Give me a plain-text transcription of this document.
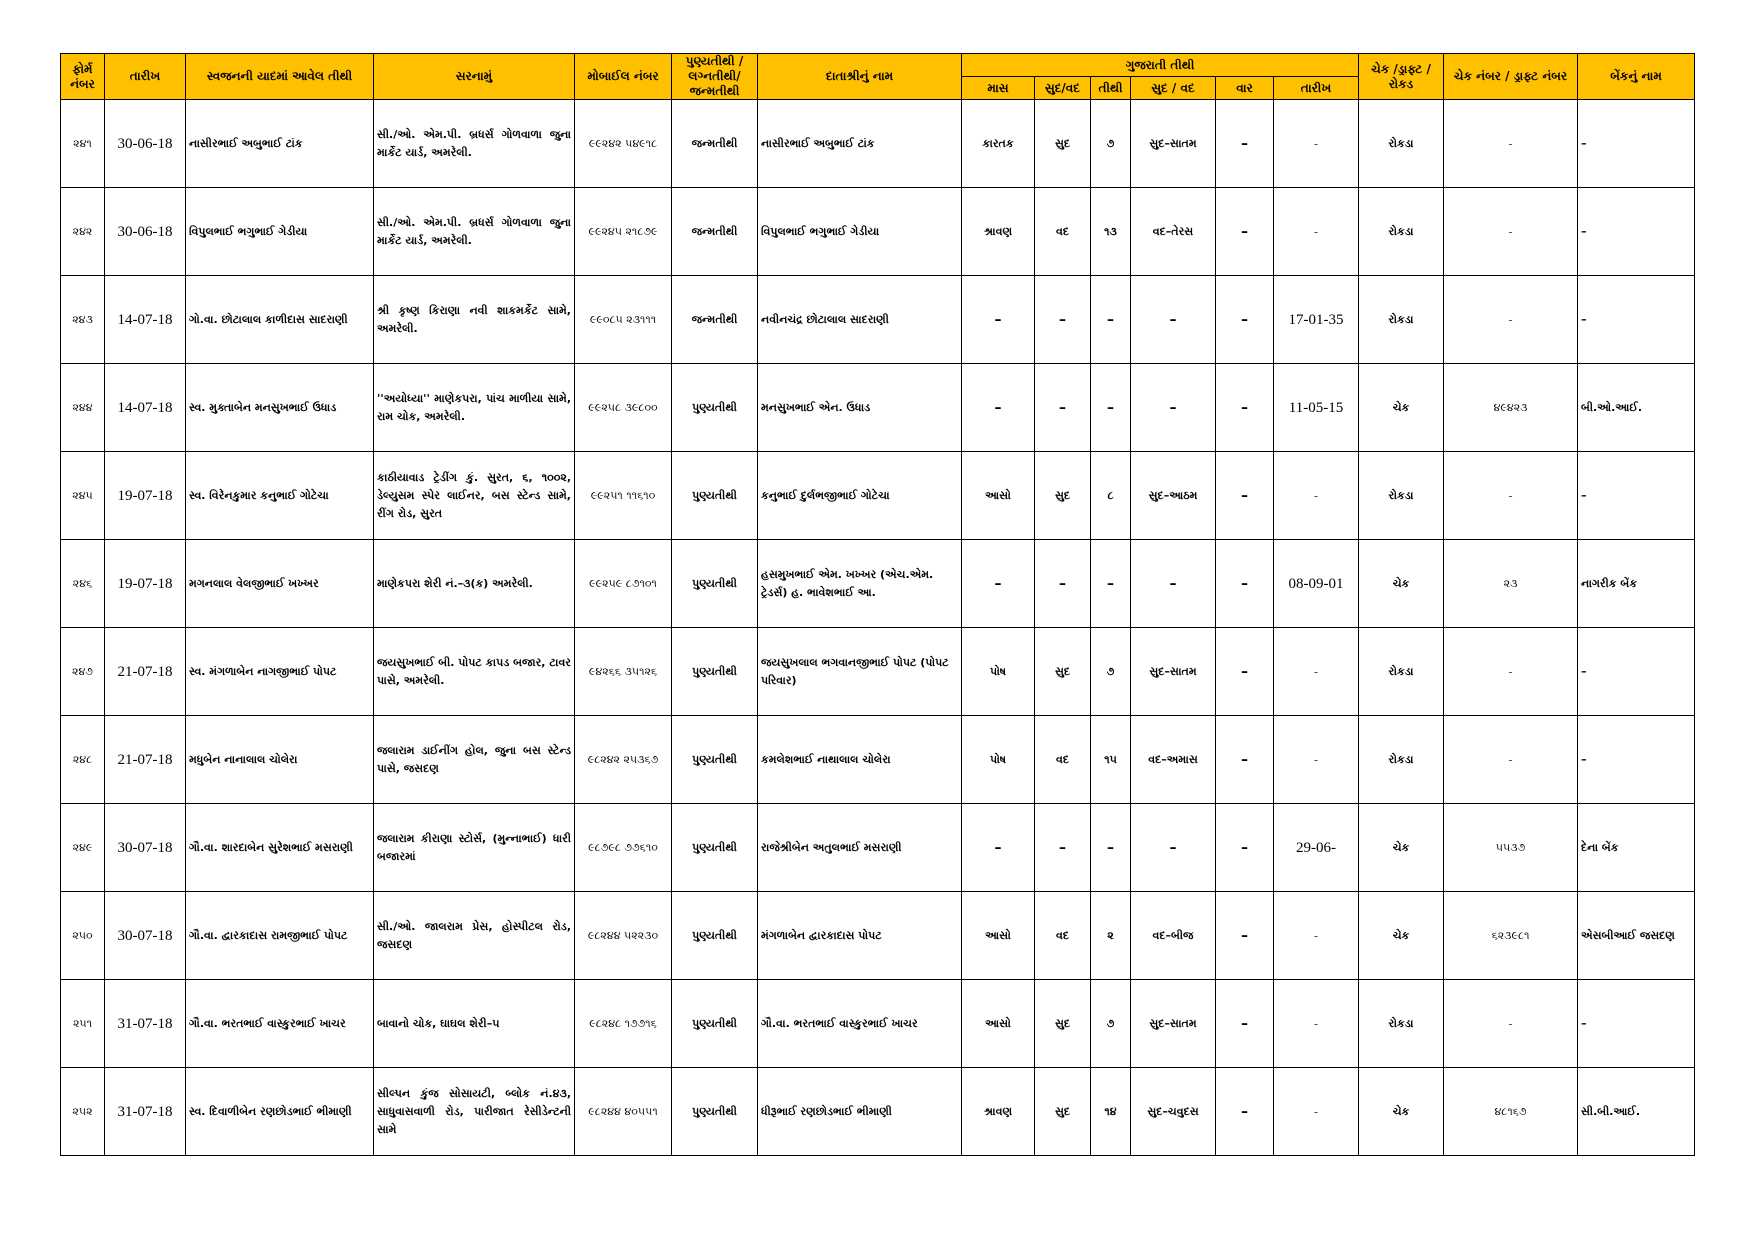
ફોર્મ નંબર	તારીખ	સ્વજનની યાદમાં આવેલ તીથી	સરનામું	મોબાઈલ નંબર	પુણ્યતીથી / લગ્નતીથી/ જન્મતીથી	દાતાશ્રીનું નામ	ગુજરાતી તીથી						ચેક /ડ્રાફ્ટ / રોકડ	ચેક નંબર / ડ્રાફ્ટ નંબર	બેંકનું નામ
							માસ	સુદ/વદ	તીથી	સુદ / વદ	વાર	તારીખ			
૨૪૧	30-06-18	નાસીરભાઈ અબુભાઈ ટાંક	સી./ઓ. એમ.પી. બ્રધર્સ ગોળવાળા જુના માર્કેટ યાર્ડ, અમરેલી.	૯૯૨૪૨ ૫૪૯૧૮	જન્મતીથી	નાસીરભાઈ અબુભાઈ ટાંક	કારતક	સુદ	૭	સુદ–સાતમ	–	-	રોકડા	-	–
૨૪૨	30-06-18	વિપુલભાઈ ભગુભાઈ ગેડીયા	સી./ઓ. એમ.પી. બ્રધર્સ ગોળવાળા જુના માર્કેટ યાર્ડ, અમરેલી.	૯૯૨૪૫ ૨૧૮૭૯	જન્મતીથી	વિપુલભાઈ ભગુભાઈ ગેડીયા	શ્રાવણ	વદ	૧૩	વદ–તેરસ	–	-	રોકડા	-	–
૨૪૩	14-07-18	ગો.વા. છોટાલાલ કાળીદાસ સાદરાણી	શ્રી કૃષ્ણ કિરાણા નવી શાકમર્કેટ સામે, અમરેલી.	૯૯૦૮૫ ૨૩૧૧૧	જન્મતીથી	નવીનચંદ્ર છોટાલાલ સાદરાણી	–	–	–	–	–	17-01-35	રોકડા	-	–
૨૪૪	14-07-18	સ્વ. મુક્તાબેન મનસુખભાઈ ઉધાડ	''અયોધ્યા'' માણેકપરા, પાંચ માળીયા સામે, રામ ચોક, અમરેલી.	૯૯૨૫૮ ૩૯૮૦૦	પુણ્યતીથી	મનસુખભાઈ એન. ઉધાડ	–	–	–	–	–	11-05-15	ચેક	૪૯૪૨૩	બી.ઓ.આઈ.
૨૪૫	19-07-18	સ્વ. વિરેનકુમાર કનુભાઈ ગોટેચા	કાઠીયાવાડ ટ્રેડીંગ કું. સુરત, ૬, ૧૦૦૨, ડેલ્યુસમ સ્પેર લાઈનર, બસ સ્ટેન્ડ સામે, રીંગ રોડ, સુરત	૯૯૨૫૧ ૧૧૬૧૦	પુણ્યતીથી	કનુભાઈ દુર્લભજીભાઈ ગોટેચા	આસો	સુદ	૮	સુદ–આઠમ	–	-	રોકડા	-	–
૨૪૬	19-07-18	મગનલાલ વેલજીભાઈ ખખ્ખર	માણેકપરા શેરી નં.–૩(ક) અમરેલી.	૯૯૨૫૯ ૮૭૧૦૧	પુણ્યતીથી	હસમુખભાઈ એમ. ખખ્ખર (એચ.એમ. ટ્રેડર્સ) હ. ભાવેશભાઈ આ.	–	–	–	–	–	08-09-01	ચેક	૨૩	નાગરીક બેંક
૨૪૭	21-07-18	સ્વ. મંગળાબેન નાગજીભાઈ પોપટ	જયસુખભાઈ બી. પોપટ કાપડ બજાર, ટાવર પાસે, અમરેલી.	૯૪૨૬૬ ૩૫૧૨૬	પુણ્યતીથી	જયસુખલાલ ભગવાનજીભાઈ પોપટ (પોપટ પરિવાર)	પોષ	સુદ	૭	સુદ–સાતમ	–	-	રોકડા	-	–
૨૪૮	21-07-18	મધુબેન નાનાલાલ ચોલેરા	જલારામ ડાઈનીંગ હોલ, જુના બસ સ્ટેન્ડ પાસે, જસદણ	૯૮૨૪૨ ૨૫૩૬૭	પુણ્યતીથી	કમલેશભાઈ નાથાલાલ ચોલેરા	પોષ	વદ	૧૫	વદ–અમાસ	–	-	રોકડા	-	–
૨૪૯	30-07-18	ગૌ.વા. શારદાબેન સુરેશભાઈ મસરાણી	જલારામ કીરાણા સ્ટોર્સ, (મુન્નાભાઈ) ધારી બજારમાં	૯૮૭૯૮ ૭૭૬૧૦	પુણ્યતીથી	રાજેશ્રીબેન અતુલભાઈ મસરાણી	–	–	–	–	–	29-06-	ચેક	૫૫૩૭	દેના બેંક
૨૫૦	30-07-18	ગૌ.વા. દ્વારકાદાસ રામજીભાઈ પોપટ	સી./ઓ. જાલરામ પ્રેસ, હોસ્પીટલ રોડ, જસદણ	૯૮૨૪૪ ૫૨૨૩૦	પુણ્યતીથી	મંગળાબેન દ્વારકાદાસ પોપટ	આસો	વદ	૨	વદ–બીજ	–	-	ચેક	૬૨૩૯૮૧	એસબીઆઈ જસદણ
૨૫૧	31-07-18	ગૌ.વા. ભરતભાઈ વાસ્કુરભાઈ ખાચર	બાવાનો ચોક, ઘાઘલ શેરી–૫	૯૮૨૪૮ ૧૭૭૧૬	પુણ્યતીથી	ગૌ.વા. ભરતભાઈ વાસ્કુરભાઈ ખાચર	આસો	સુદ	૭	સુદ–સાતમ	–	-	રોકડા	-	–
૨૫૨	31-07-18	સ્વ. દિવાળીબેન રણછોડભાઈ ભીમાણી	સીલ્પન કુંજ સોસાયટી, બ્લોક નં.૪૩, સાધુવાસવાળી રોડ, પારીજાત રેસીડેન્ટની સામે	૯૮૨૪૪ ૪૦૫૫૧	પુણ્યતીથી	ધીરૂભાઈ રણછોડભાઈ ભીમાણી	શ્રાવણ	સુદ	૧૪	સુદ–ચવુદસ	–	-	ચેક	૪૮૧૬૭	સી.બી.આઈ.
